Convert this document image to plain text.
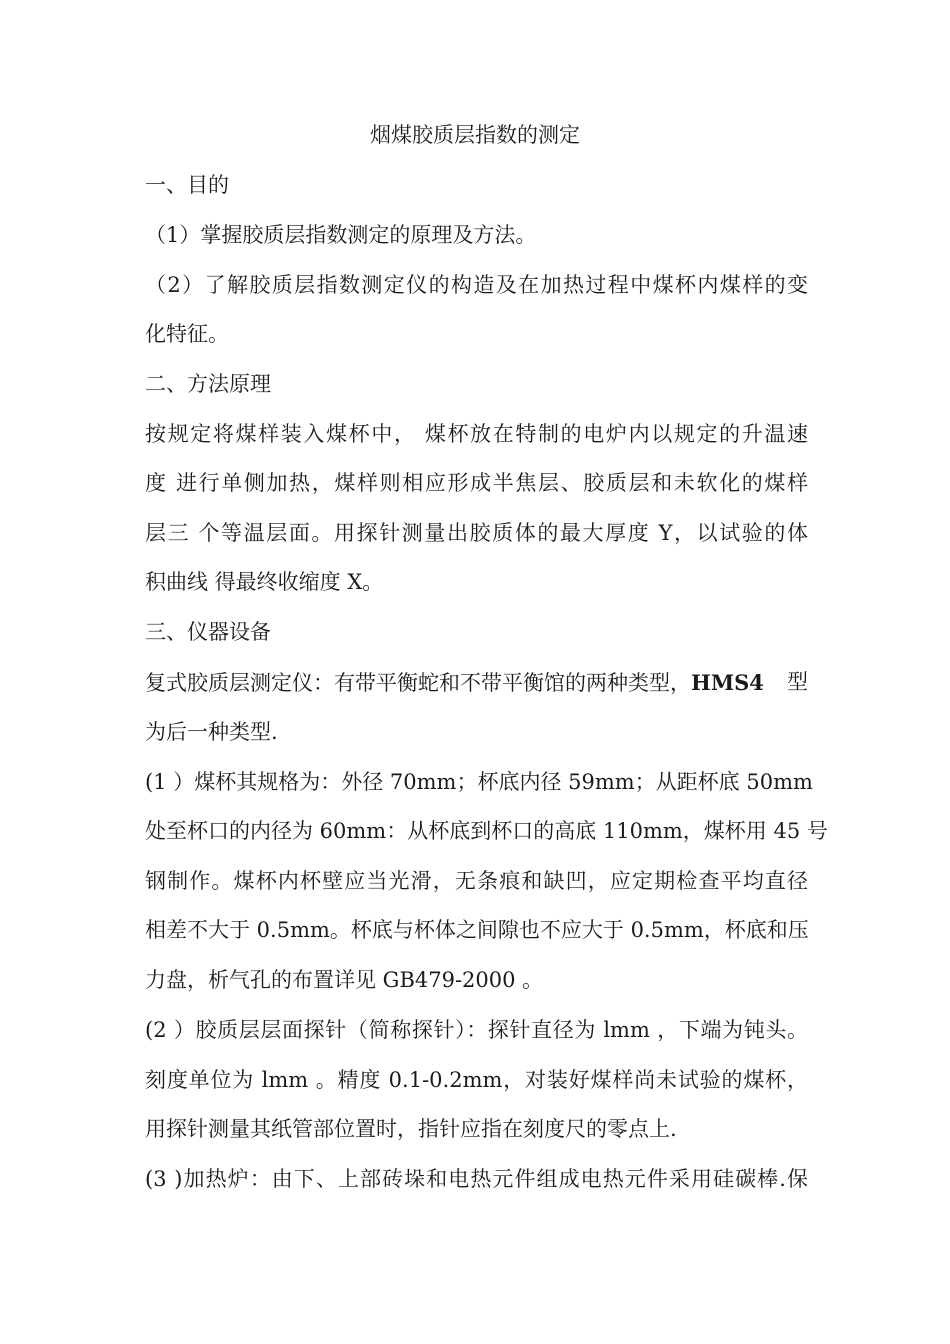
烟煤胶质层指数的测定
一、目的
（1）掌握胶质层指数测定的原理及方法。
（2）了解胶质层指数测定仪的构造及在加热过程中煤杯内煤样的变
化特征。
二、方法原理
按规定将煤样装入煤杯中， 煤杯放在特制的电炉内以规定的升温速
度 进行单侧加热，煤样则相应形成半焦层、胶质层和未软化的煤样
层三 个等温层面。用探针测量出胶质体的最大厚度 Y，以试验的体
积曲线 得最终收缩度 X。
三、仪器设备
复式胶质层测定仪：有带平衡蛇和不带平衡馆的两种类型，HMS4 型
为后一种类型.
(1 ）煤杯其规格为：外径 70mm；杯底内径 59mm；从距杯底 50mm
处至杯口的内径为 60mm：从杯底到杯口的高底 110mm，煤杯用 45 号
钢制作。煤杯内杯壁应当光滑，无条痕和缺凹，应定期检查平均直径
相差不大于 0.5mm。杯底与杯体之间隙也不应大于 0.5mm，杯底和压
力盘，析气孔的布置详见 GB479-2000 。
(2 ）胶质层层面探针（简称探针）：探针直径为 lmm ，下端为钝头。
刻度单位为 lmm 。精度 0.1-0.2mm，对装好煤样尚未试验的煤杯，
用探针测量其纸管部位置时，指针应指在刻度尺的零点上.
(3 )加热炉：由下、上部砖垛和电热元件组成电热元件采用硅碳棒.保
